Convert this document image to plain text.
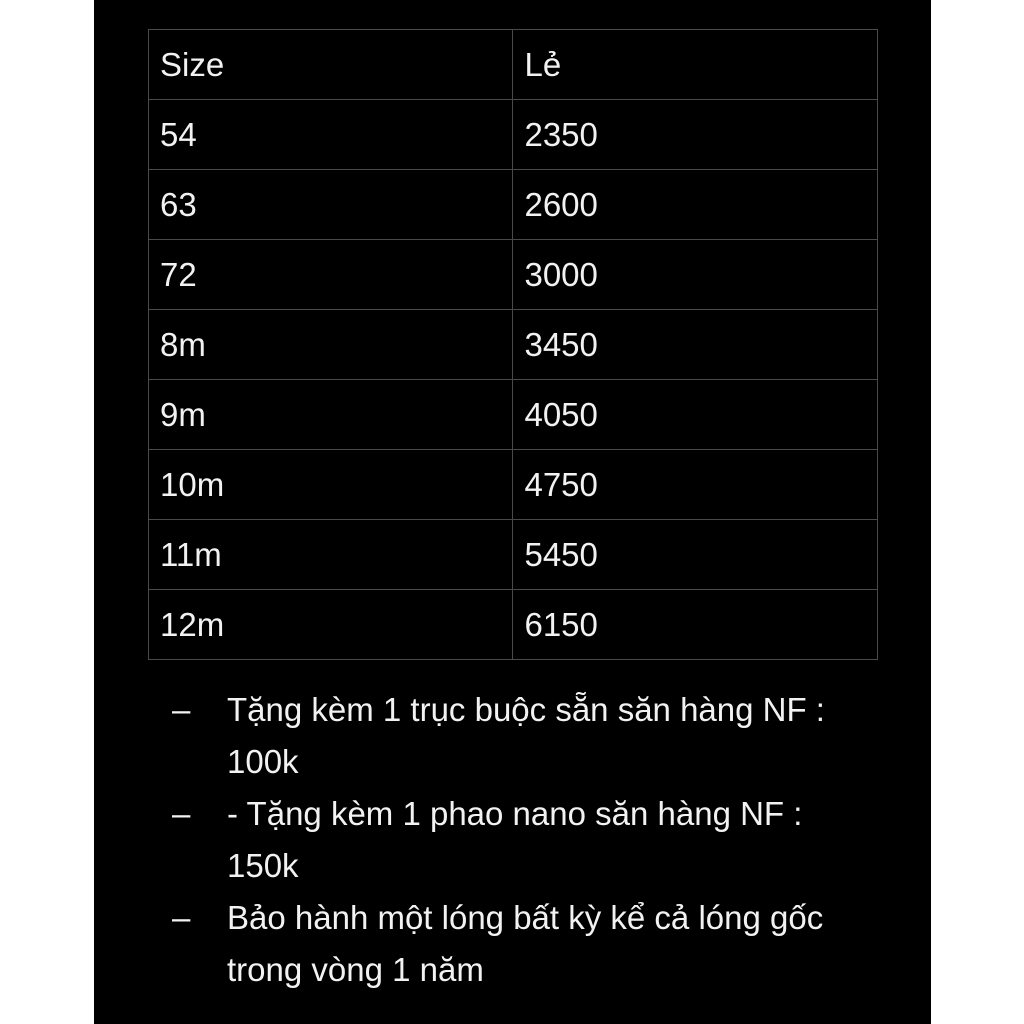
Size	Lẻ
54	2350
63	2600
72	3000
8m	3450
9m	4050
10m	4750
11m	5450
12m	6150
– Tặng kèm 1 trục buộc sẵn săn hàng NF : 100k
– - Tặng kèm 1 phao nano săn hàng NF : 150k
– Bảo hành một lóng bất kỳ kể cả lóng gốc trong vòng 1 năm
